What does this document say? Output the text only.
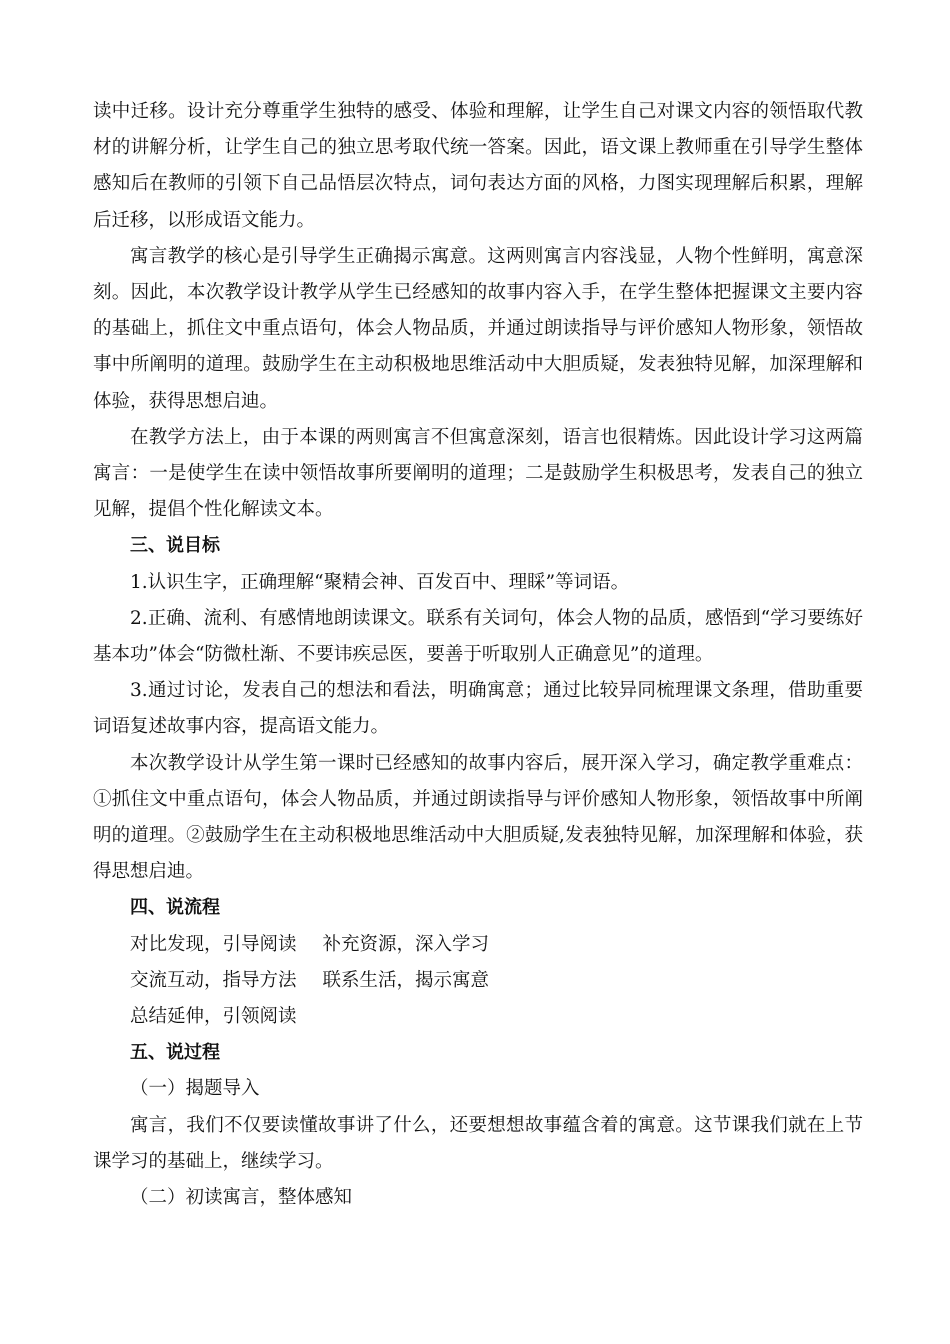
读中迁移。设计充分尊重学生独特的感受、体验和理解，让学生自己对课文内容的领悟取代教材的讲解分析，让学生自己的独立思考取代统一答案。因此，语文课上教师重在引导学生整体感知后在教师的引领下自己品悟层次特点，词句表达方面的风格，力图实现理解后积累，理解后迁移，以形成语文能力。

寓言教学的核心是引导学生正确揭示寓意。这两则寓言内容浅显，人物个性鲜明，寓意深刻。因此，本次教学设计教学从学生已经感知的故事内容入手，在学生整体把握课文主要内容的基础上，抓住文中重点语句，体会人物品质，并通过朗读指导与评价感知人物形象，领悟故事中所阐明的道理。鼓励学生在主动积极地思维活动中大胆质疑，发表独特见解，加深理解和体验，获得思想启迪。

在教学方法上，由于本课的两则寓言不但寓意深刻，语言也很精炼。因此设计学习这两篇寓言：一是使学生在读中领悟故事所要阐明的道理；二是鼓励学生积极思考，发表自己的独立见解，提倡个性化解读文本。

三、说目标

1.认识生字，正确理解“聚精会神、百发百中、理睬”等词语。

2.正确、流利、有感情地朗读课文。联系有关词句，体会人物的品质，感悟到“学习要练好基本功”体会“防微杜渐、不要讳疾忌医，要善于听取别人正确意见”的道理。

3.通过讨论，发表自己的想法和看法，明确寓意；通过比较异同梳理课文条理，借助重要词语复述故事内容，提高语文能力。

本次教学设计从学生第一课时已经感知的故事内容后，展开深入学习，确定教学重难点：①抓住文中重点语句，体会人物品质，并通过朗读指导与评价感知人物形象，领悟故事中所阐明的道理。②鼓励学生在主动积极地思维活动中大胆质疑,发表独特见解，加深理解和体验，获得思想启迪。

四、说流程

对比发现，引导阅读 补充资源，深入学习

交流互动，指导方法 联系生活，揭示寓意

总结延伸，引领阅读

五、说过程

（一）揭题导入

寓言，我们不仅要读懂故事讲了什么，还要想想故事蕴含着的寓意。这节课我们就在上节课学习的基础上，继续学习。

（二）初读寓言，整体感知
